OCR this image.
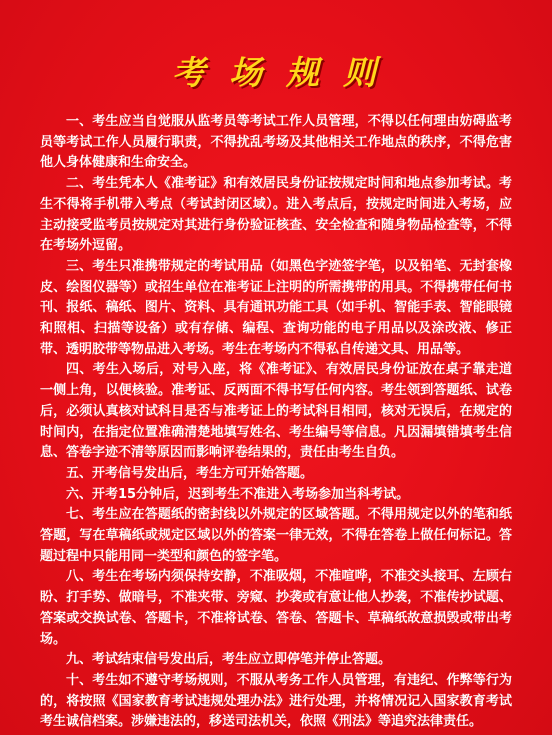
考场规则

一、考生应当自觉服从监考员等考试工作人员管理，不得以任何理由妨碍监考员等考试工作人员履行职责，不得扰乱考场及其他相关工作地点的秩序，不得危害他人身体健康和生命安全。

二、考生凭本人《准考证》和有效居民身份证按规定时间和地点参加考试。考生不得将手机带入考点（考试封闭区域）。进入考点后，按规定时间进入考场，应主动接受监考员按规定对其进行身份验证核查、安全检查和随身物品检查等，不得在考场外逗留。

三、考生只准携带规定的考试用品（如黑色字迹签字笔，以及铅笔、无封套橡皮、绘图仪器等）或招生单位在准考证上注明的所需携带的用具。不得携带任何书刊、报纸、稿纸、图片、资料、具有通讯功能工具（如手机、智能手表、智能眼镜和照相、扫描等设备）或有存储、编程、查询功能的电子用品以及涂改液、修正带、透明胶带等物品进入考场。考生在考场内不得私自传递文具、用品等。

四、考生入场后，对号入座，将《准考证》、有效居民身份证放在桌子靠走道一侧上角，以便核验。准考证、反两面不得书写任何内容。考生领到答题纸、试卷后，必须认真核对试科目是否与准考证上的考试科目相同，核对无误后，在规定的时间内，在指定位置准确清楚地填写姓名、考生编号等信息。凡因漏填错填考生信息、答卷字迹不清等原因而影响评卷结果的，责任由考生自负。

五、开考信号发出后，考生方可开始答题。

六、开考15分钟后，迟到考生不准进入考场参加当科考试。

七、考生应在答题纸的密封线以外规定的区域答题。不得用规定以外的笔和纸答题，写在草稿纸或规定区域以外的答案一律无效，不得在答卷上做任何标记。答题过程中只能用同一类型和颜色的签字笔。

八、考生在考场内须保持安静，不准吸烟，不准喧哗，不准交头接耳、左顾右盼、打手势、做暗号，不准夹带、旁窥、抄袭或有意让他人抄袭，不准传抄试题、答案或交换试卷、答题卡，不准将试卷、答卷、答题卡、草稿纸故意损毁或带出考场。

九、考试结束信号发出后，考生应立即停笔并停止答题。

十、考生如不遵守考场规则，不服从考务工作人员管理，有违纪、作弊等行为的，将按照《国家教育考试违规处理办法》进行处理，并将情况记入国家教育考试考生诚信档案。涉嫌违法的，移送司法机关，依照《刑法》等追究法律责任。
